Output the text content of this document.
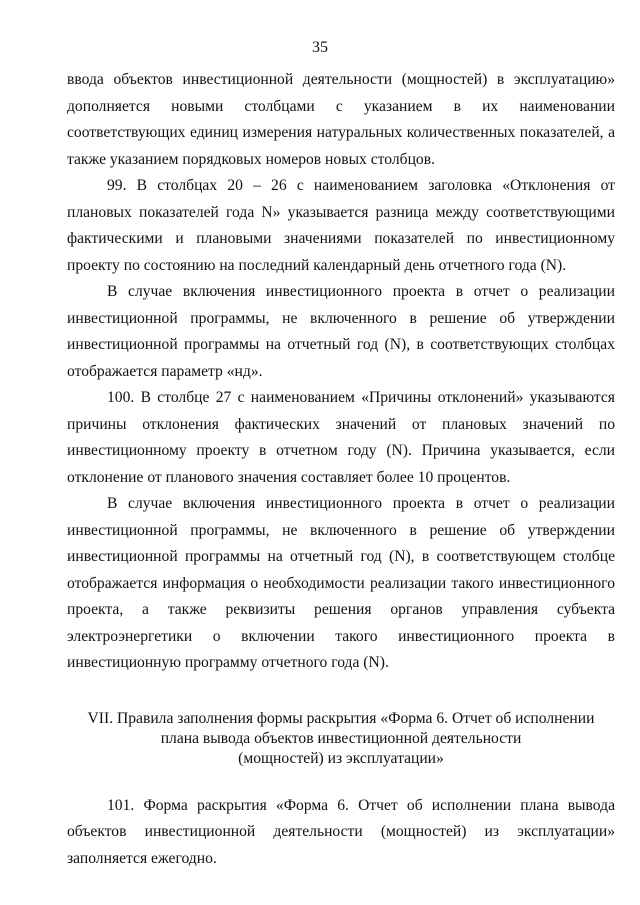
35

ввода объектов инвестиционной деятельности (мощностей) в эксплуатацию» дополняется новыми столбцами с указанием в их наименовании соответствующих единиц измерения натуральных количественных показателей, а также указанием порядковых номеров новых столбцов.

99. В столбцах 20 – 26 с наименованием заголовка «Отклонения от плановых показателей года N» указывается разница между соответствующими фактическими и плановыми значениями показателей по инвестиционному проекту по состоянию на последний календарный день отчетного года (N).

В случае включения инвестиционного проекта в отчет о реализации инвестиционной программы, не включенного в решение об утверждении инвестиционной программы на отчетный год (N), в соответствующих столбцах отображается параметр «нд».

100. В столбце 27 с наименованием «Причины отклонений» указываются причины отклонения фактических значений от плановых значений по инвестиционному проекту в отчетном году (N). Причина указывается, если отклонение от планового значения составляет более 10 процентов.

В случае включения инвестиционного проекта в отчет о реализации инвестиционной программы, не включенного в решение об утверждении инвестиционной программы на отчетный год (N), в соответствующем столбце отображается информация о необходимости реализации такого инвестиционного проекта, а также реквизиты решения органов управления субъекта электроэнергетики о включении такого инвестиционного проекта в инвестиционную программу отчетного года (N).

VII. Правила заполнения формы раскрытия «Форма 6. Отчет об исполнении
плана вывода объектов инвестиционной деятельности
(мощностей) из эксплуатации»

101. Форма раскрытия «Форма 6. Отчет об исполнении плана вывода объектов инвестиционной деятельности (мощностей) из эксплуатации» заполняется ежегодно.
